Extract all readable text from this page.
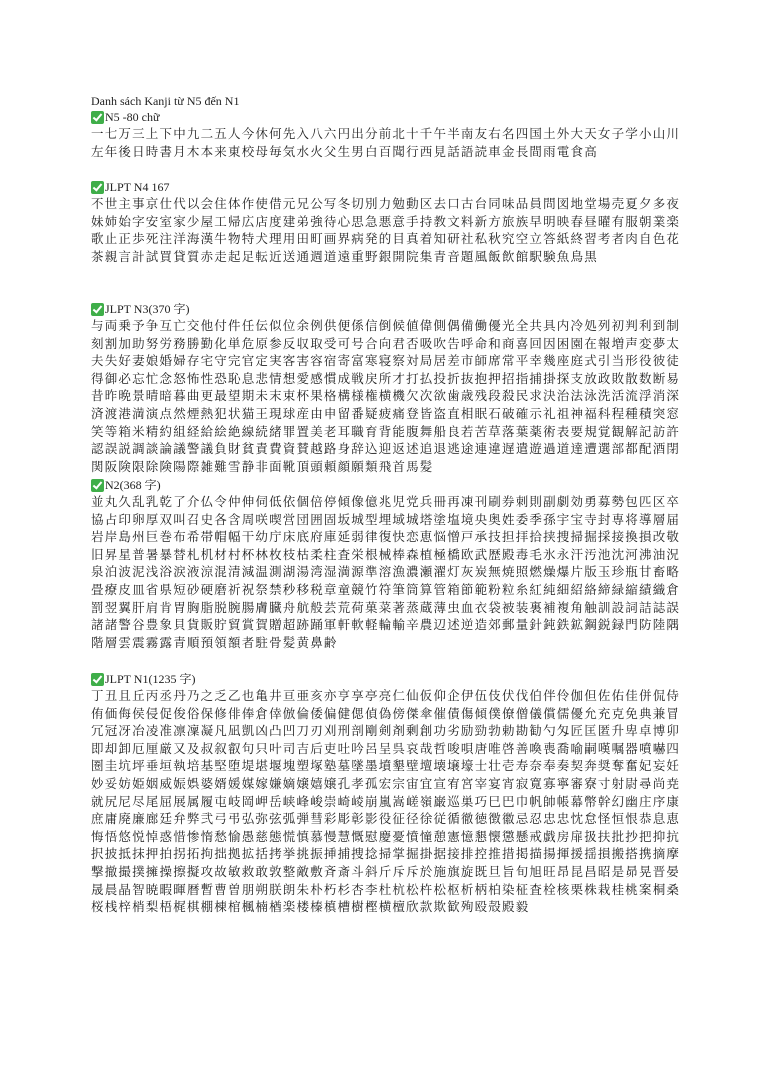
Danh sách Kanji từ N5 đến N1
N5 -80 chữ
一七万三上下中九二五人今休何先入八六円出分前北十千午半南友右名四国土外大天女子学小山川左年後日時書月木本来東校母毎気水火父生男白百聞行西見話語読車金長間雨電食高
JLPT N4 167
不世主事京仕代以会住体作使借元兄公写冬切別力勉動区去口古台同味品員問図地堂場売夏夕多夜妹姉始字安室家少屋工帰広店度建弟強待心思急悪意手持教文料新方旅族早明映春昼曜有服朝業楽歌止正歩死注洋海漢牛物特犬理用田町画界病発的目真着知研社私秋究空立答紙終習考者肉自色花茶親言計試買貸質赤走起足転近送通週道遠重野銀開院集青音題風飯飲館駅験魚鳥黒
JLPT N3(370 字)
与両乗予争互亡交他付件任伝似位余例供便係信倒候値偉側偶備働優光全共具内冷処列初判利到制刻割加助努労務勝勤化単危原参反収取受可号合向君否吸吹告呼命和商喜回因困園在報増声変夢太夫失好妻娘婚婦存宅守完官定実客害容宿寄富寒寝察対局居差市師席常平幸幾座庭式引当形役彼徒得御必忘忙念怒怖性恐恥息悲情想愛感慣成戦戻所才打払投折抜抱押招指捕掛探支放政敗散数断易昔昨晩景晴暗暮曲更最望期未末束杯果格構様権横機欠次欲歯歳残段殺民求決治法泳洗活流浮消深済渡港満演点然煙熱犯状猫王現球産由申留番疑疲痛登皆盗直相眠石破確示礼祖神福科程種積突窓笑等箱米精約組経給絵絶線続緒罪置美老耳職育背能腹舞船良若苦草落葉薬術表要規覚観解記訪許認誤説調談論議警議負財貧責費資賛越路身辞込迎返述追退逃途連違遅遣遊過道達遭選部都配酒閉関阪険限除険陽際雑難雪静非面靴頂頭頼顔願類飛首馬髪
N2(368 字)
並丸久乱乳乾了介仏令仲伸伺低依個倍停傾像億兆児党兵冊再凍刊刷券刺則副劇効勇募勢包匹区卒協占印卵厚双叫召史各含周咲喫営団囲固坂城型埋域城塔塗塩境央奥姓委季孫宇宝寺封専将導層届岩岸島州巨巻布希帯帽幅干幼庁床底府庫延弱律復快恋恵悩憎戸承技担拝拾挟捜掃掘採接換損改敬旧昇星普暑暴替札机材村杯林枚枝枯柔柱査栄根械棒森植極橋欧武歴殿毒毛氷永汗汚池沈河沸油況泉泊波泥浅浴涙液涼混清減温測湖湯湾湿満源準溶漁濃瀬濯灯灰炭無焼照燃燥爆片版玉珍瓶甘畜略畳療皮皿省県短砂硬磨祈祝祭禁秒移税章童競竹符筆筒算管箱節範粉粒糸紅純細紹絡締緑縮績織倉罰翌翼肝肩肯胃胸脂脱腕腸膚臓舟航般芸荒荷菓菜著蒸蔵薄虫血衣袋被装裏補複角触訓設詞詰誌誤諸諸警谷豊象貝貨販貯貿賞賀贈超跡踊軍軒軟軽輪輸辛農辺述逆造郊郵量針鈍鉄鉱鋼鋭録門防陸隅階層雲震霧露青順預領額者駐骨髪黄鼻齢
JLPT N1(1235 字)
丁丑且丘丙丞丹乃之乏乙也亀井亘亜亥亦亨享亭亮仁仙仮仰企伊伍伎伏伐伯伴伶伽但佐佑佳併侃侍侑価侮侯侵促俊俗保修俳俸倉倖倣倫倭偏健偲偵偽傍傑傘催債傷傾僕僚僧儀償儒優允充克免典兼冒冗冠冴冶凌准凛凜凝凡凪凱凶凸凹刀刃刈刑剖剛剣剤剰創功劣励勁勃勅勘勧勺匁匠匡匿升卑卓博卯即却卸厄厘厳又及叔叙叡句只叶司吉后吏吐吟呂呈呉哀哉哲唆唄唐唯啓善喚喪喬喻嗣嘆嘱器噴嚇四圏圭坑坪垂垣執培基堅堕堤堪堰塊塑塚塾墓墜墨墳墾壁壇壊壌壕士壮壱寿奈奉奏契奔奨奪奮妃妄妊妙妥妨姫姻威娠娯婆婿媛媒嫁嫌嫡嬢嬉嬢孔孝孤宏宗宙宜宣宥宮宰宴宵寂寛寡寧審寮寸射尉尋尚尭就尻尼尽尾屈展属履屯岐岡岬岳峡峰峻崇崎崚崩嵐嵩嵯嶺巌巡巣巧巳巴巾帆帥帳幕幣幹幻幽庄序康庶庸廃廉廊廷弁弊弐弓弔弘弥弦弧弾彗彩彫彰影役征径徐従循徹徳徴徽忌忍忠忠忱怠怪恒恨恭息恵悔悟悠悦悼惑惜惨惰愁愉愚慈態慌慎慕慢慧慨慰慶憂憤憧憩憲憶懇懐懲懸戒戯房扉扱扶批抄把抑抗択披抵抹押拍拐拓拘拙拠拡括拷挙挑振挿捕捜捻掃掌掘掛据接排控推措掲描揚揮援揺損搬搭携摘摩撃撤撮撲擁操擦擬攻故敏救敢敦整敵敷斉斎斗斜斤斥斥於施旗旋既旦旨旬旭旺昂昆昌昭是昴晃晋晏晟晨晶智暁暇暉暦暫曹曽朋朔朕朗朱朴朽杉杏李杜杭松杵松枢析柄柏染柾査栓核栗株栽桂桃案桐桑桜桟梓梢梨梧梶棋棚棟棺楓楠楢楽楼榛槙槽樹樫横檀欣款欺歓殉殴殻殿毅
